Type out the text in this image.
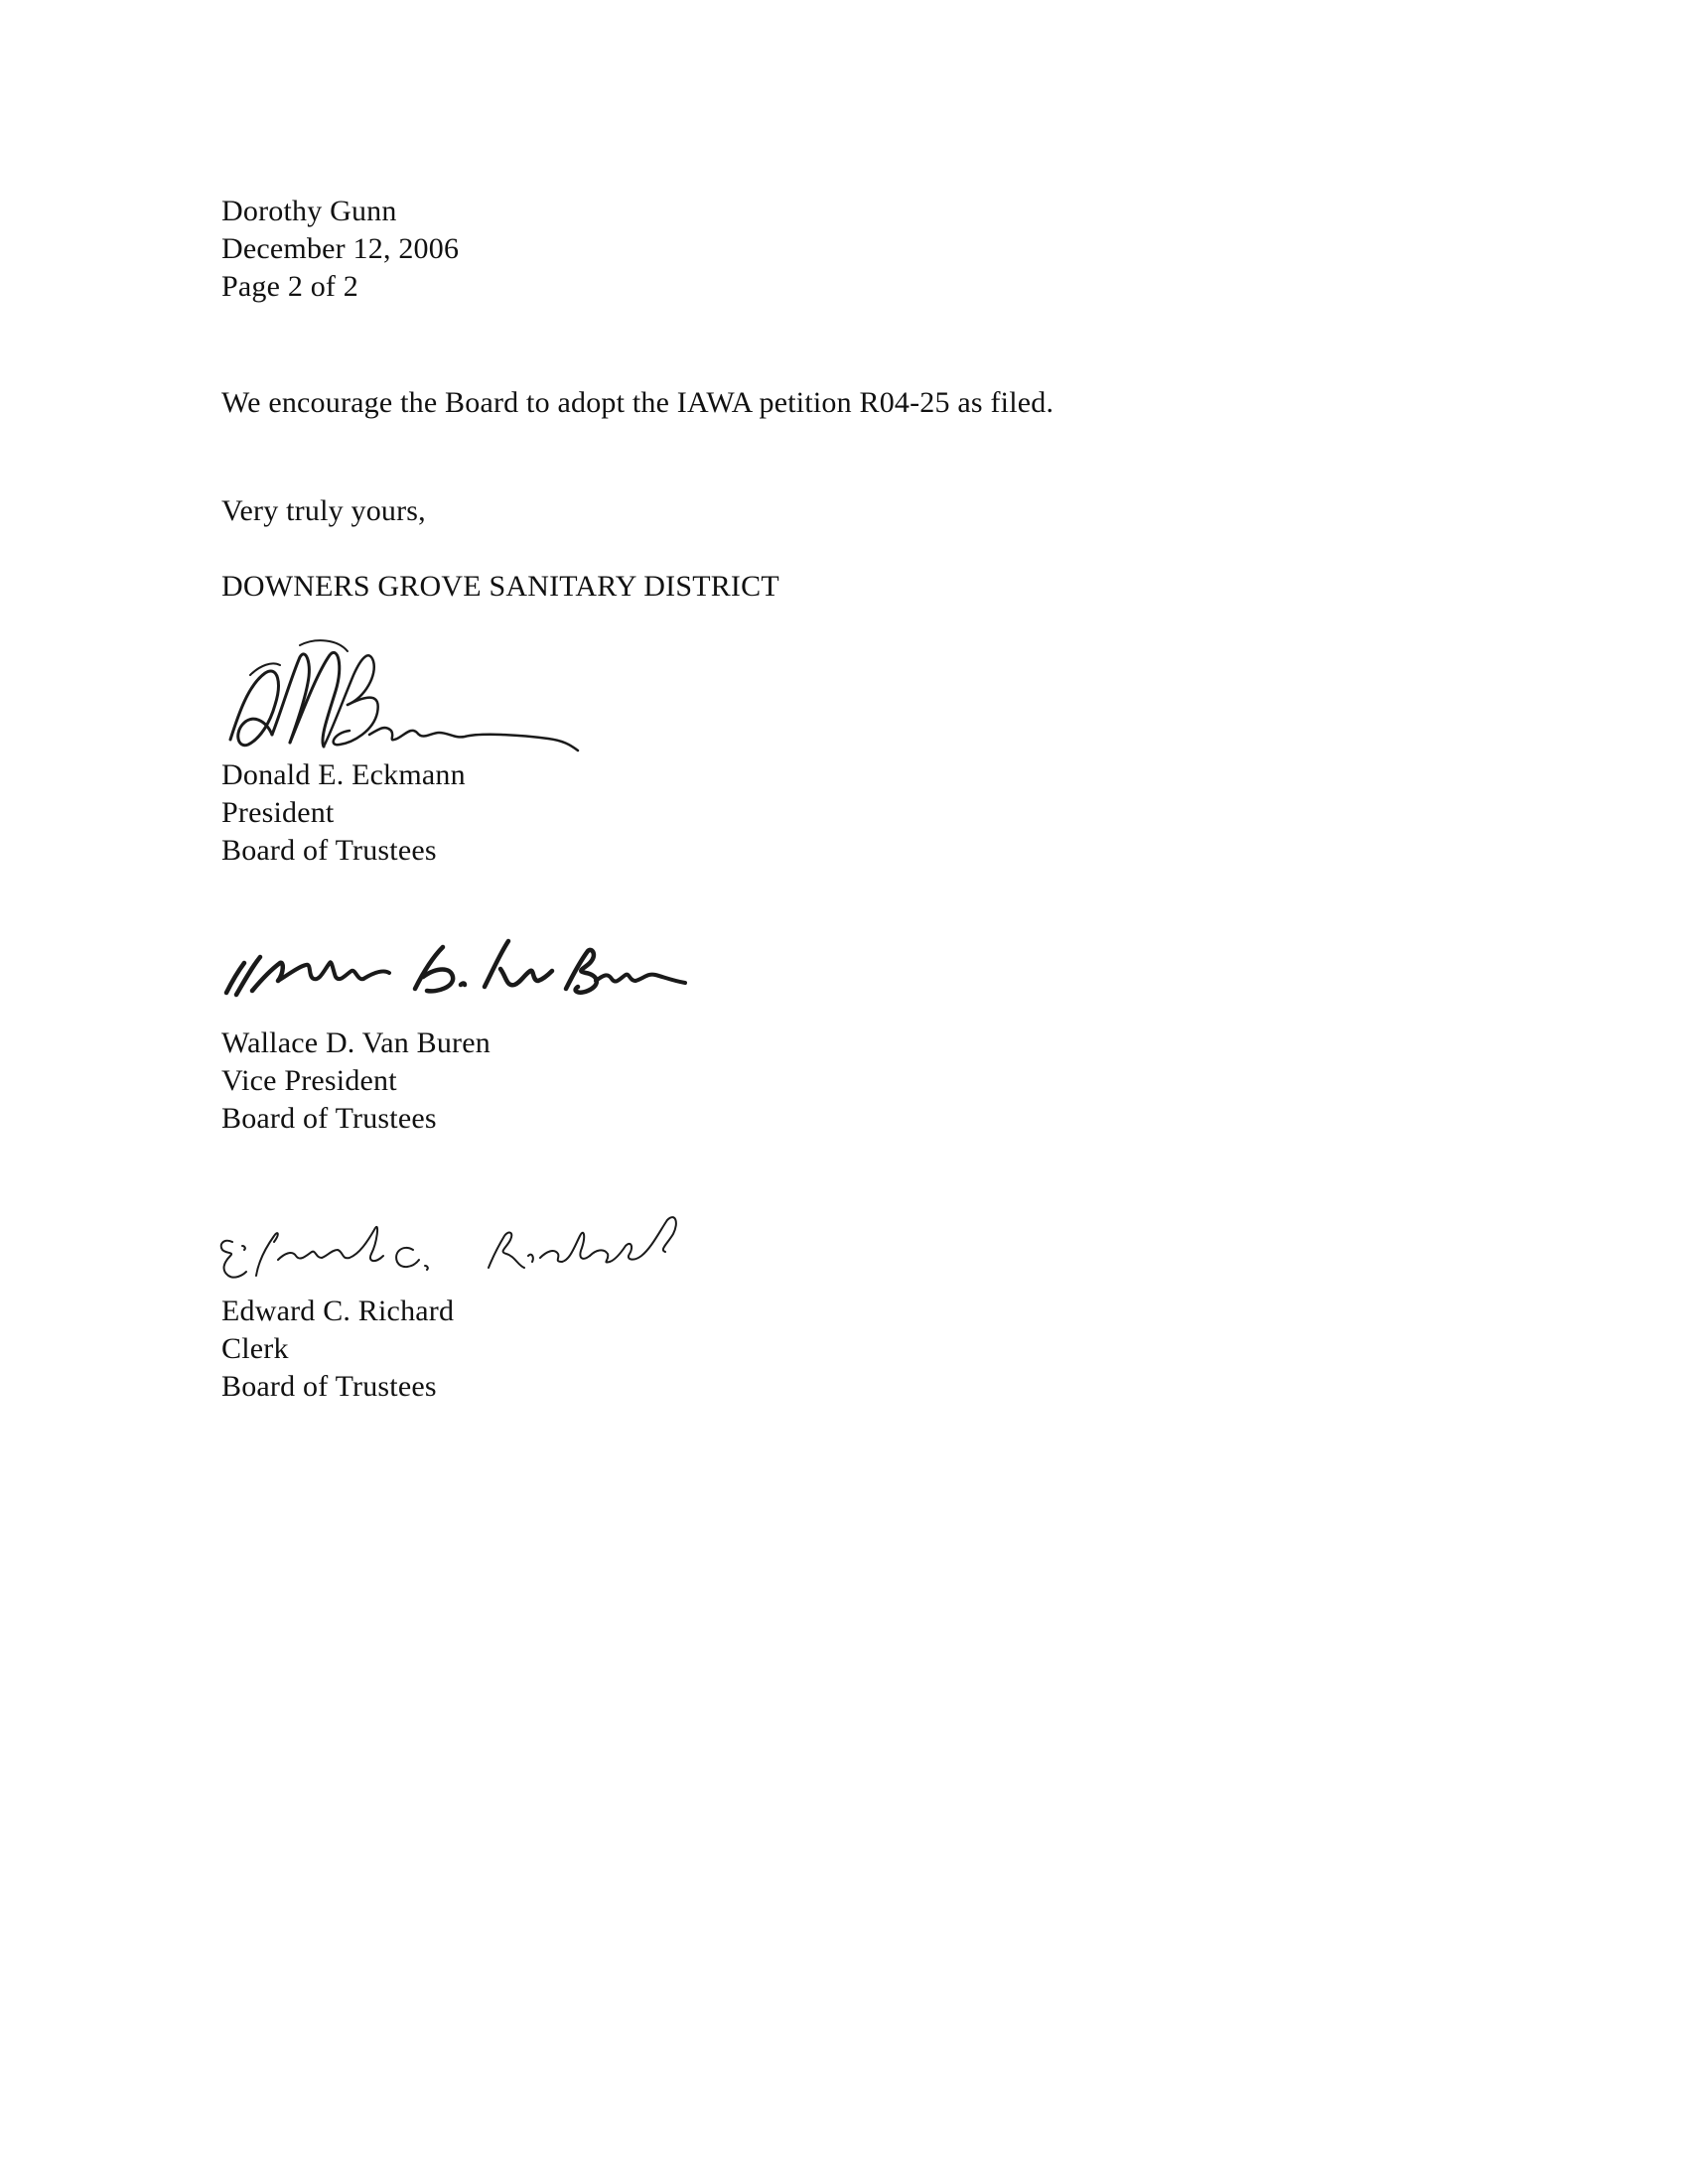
Dorothy Gunn
December 12, 2006
Page 2 of 2
We encourage the Board to adopt the IAWA petition R04-25 as filed.
Very truly yours,
DOWNERS GROVE SANITARY DISTRICT
Donald E. Eckmann
President
Board of Trustees
Wallace D. Van Buren
Vice President
Board of Trustees
Edward C. Richard
Clerk
Board of Trustees
